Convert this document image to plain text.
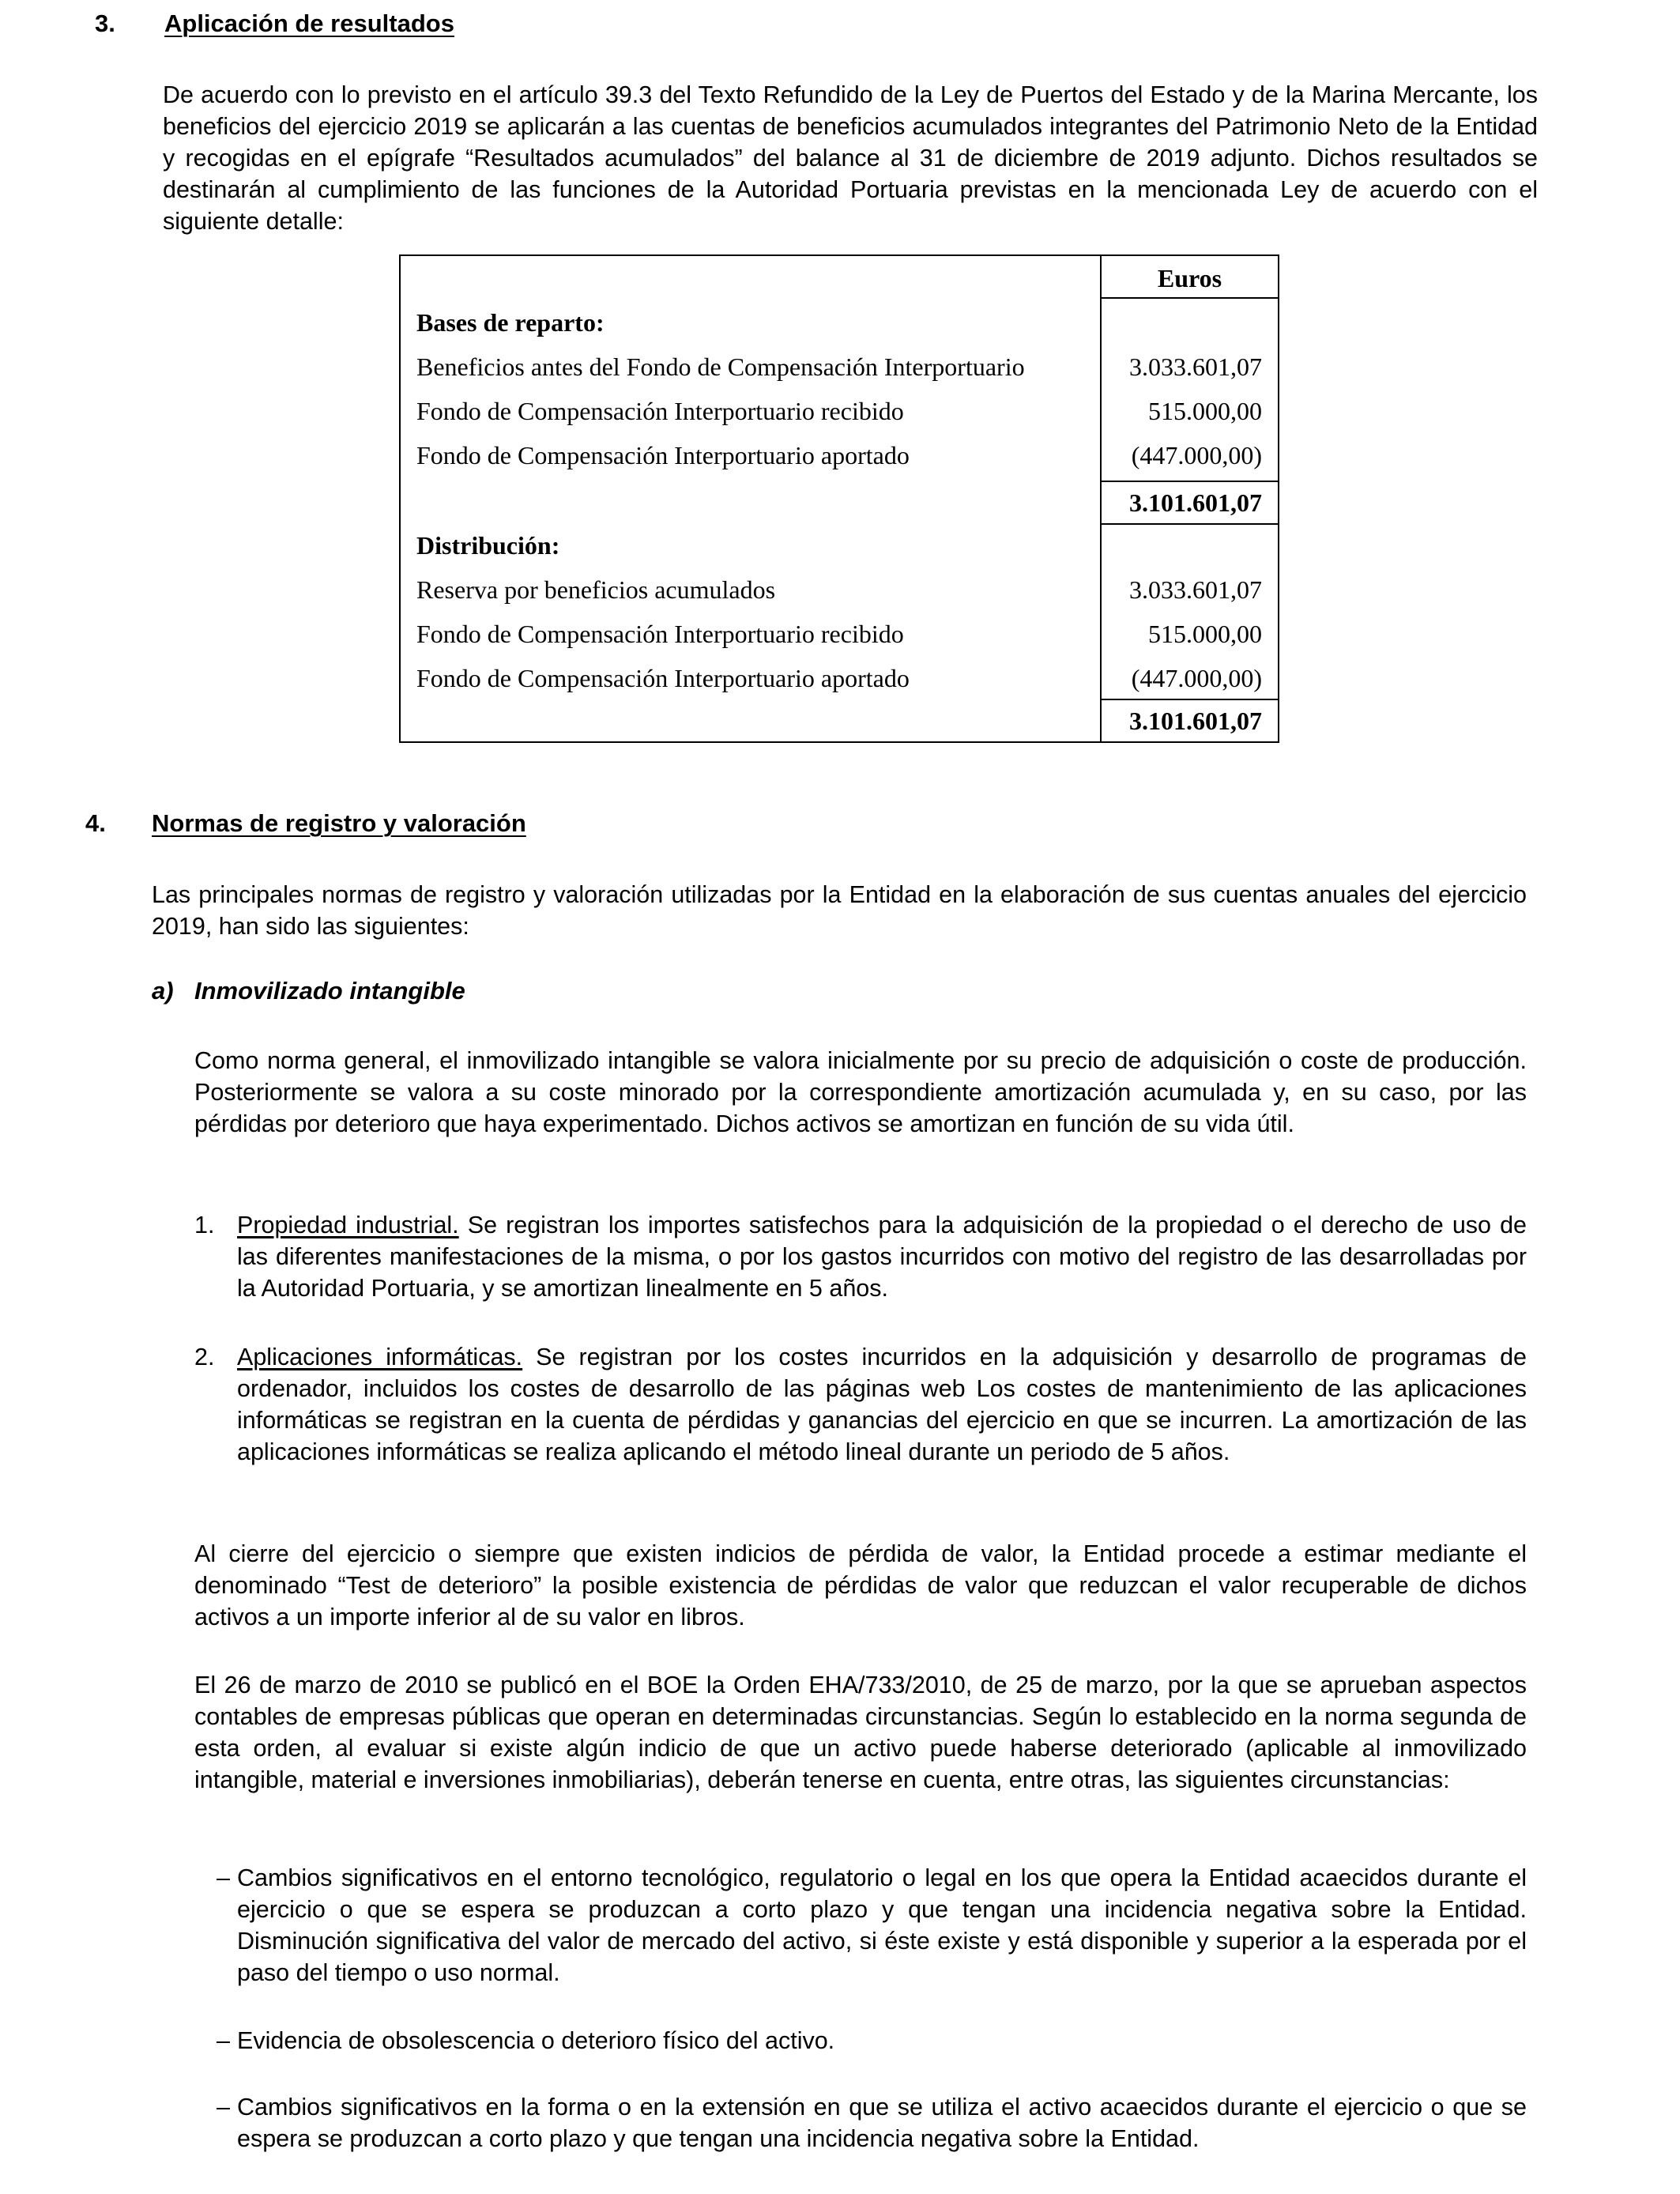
3. Aplicación de resultados
De acuerdo con lo previsto en el artículo 39.3 del Texto Refundido de la Ley de Puertos del Estado y de la Marina Mercante, los beneficios del ejercicio 2019 se aplicarán a las cuentas de beneficios acumulados integrantes del Patrimonio Neto de la Entidad y recogidas en el epígrafe “Resultados acumulados” del balance al 31 de diciembre de 2019 adjunto. Dichos resultados se destinarán al cumplimiento de las funciones de la Autoridad Portuaria previstas en la mencionada Ley de acuerdo con el siguiente detalle:
Euros
Bases de reparto:
Beneficios antes del Fondo de Compensación Interportuario	3.033.601,07
Fondo de Compensación Interportuario recibido	515.000,00
Fondo de Compensación Interportuario aportado	(447.000,00)
3.101.601,07
Distribución:
Reserva por beneficios acumulados	3.033.601,07
Fondo de Compensación Interportuario recibido	515.000,00
Fondo de Compensación Interportuario aportado	(447.000,00)
3.101.601,07
4. Normas de registro y valoración
Las principales normas de registro y valoración utilizadas por la Entidad en la elaboración de sus cuentas anuales del ejercicio 2019, han sido las siguientes:
a) Inmovilizado intangible
Como norma general, el inmovilizado intangible se valora inicialmente por su precio de adquisición o coste de producción. Posteriormente se valora a su coste minorado por la correspondiente amortización acumulada y, en su caso, por las pérdidas por deterioro que haya experimentado. Dichos activos se amortizan en función de su vida útil.
1. Propiedad industrial. Se registran los importes satisfechos para la adquisición de la propiedad o el derecho de uso de las diferentes manifestaciones de la misma, o por los gastos incurridos con motivo del registro de las desarrolladas por la Autoridad Portuaria, y se amortizan linealmente en 5 años.
2. Aplicaciones informáticas. Se registran por los costes incurridos en la adquisición y desarrollo de programas de ordenador, incluidos los costes de desarrollo de las páginas web Los costes de mantenimiento de las aplicaciones informáticas se registran en la cuenta de pérdidas y ganancias del ejercicio en que se incurren. La amortización de las aplicaciones informáticas se realiza aplicando el método lineal durante un periodo de 5 años.
Al cierre del ejercicio o siempre que existen indicios de pérdida de valor, la Entidad procede a estimar mediante el denominado “Test de deterioro” la posible existencia de pérdidas de valor que reduzcan el valor recuperable de dichos activos a un importe inferior al de su valor en libros.
El 26 de marzo de 2010 se publicó en el BOE la Orden EHA/733/2010, de 25 de marzo, por la que se aprueban aspectos contables de empresas públicas que operan en determinadas circunstancias. Según lo establecido en la norma segunda de esta orden, al evaluar si existe algún indicio de que un activo puede haberse deteriorado (aplicable al inmovilizado intangible, material e inversiones inmobiliarias), deberán tenerse en cuenta, entre otras, las siguientes circunstancias:
– Cambios significativos en el entorno tecnológico, regulatorio o legal en los que opera la Entidad acaecidos durante el ejercicio o que se espera se produzcan a corto plazo y que tengan una incidencia negativa sobre la Entidad. Disminución significativa del valor de mercado del activo, si éste existe y está disponible y superior a la esperada por el paso del tiempo o uso normal.
– Evidencia de obsolescencia o deterioro físico del activo.
– Cambios significativos en la forma o en la extensión en que se utiliza el activo acaecidos durante el ejercicio o que se espera se produzcan a corto plazo y que tengan una incidencia negativa sobre la Entidad.
